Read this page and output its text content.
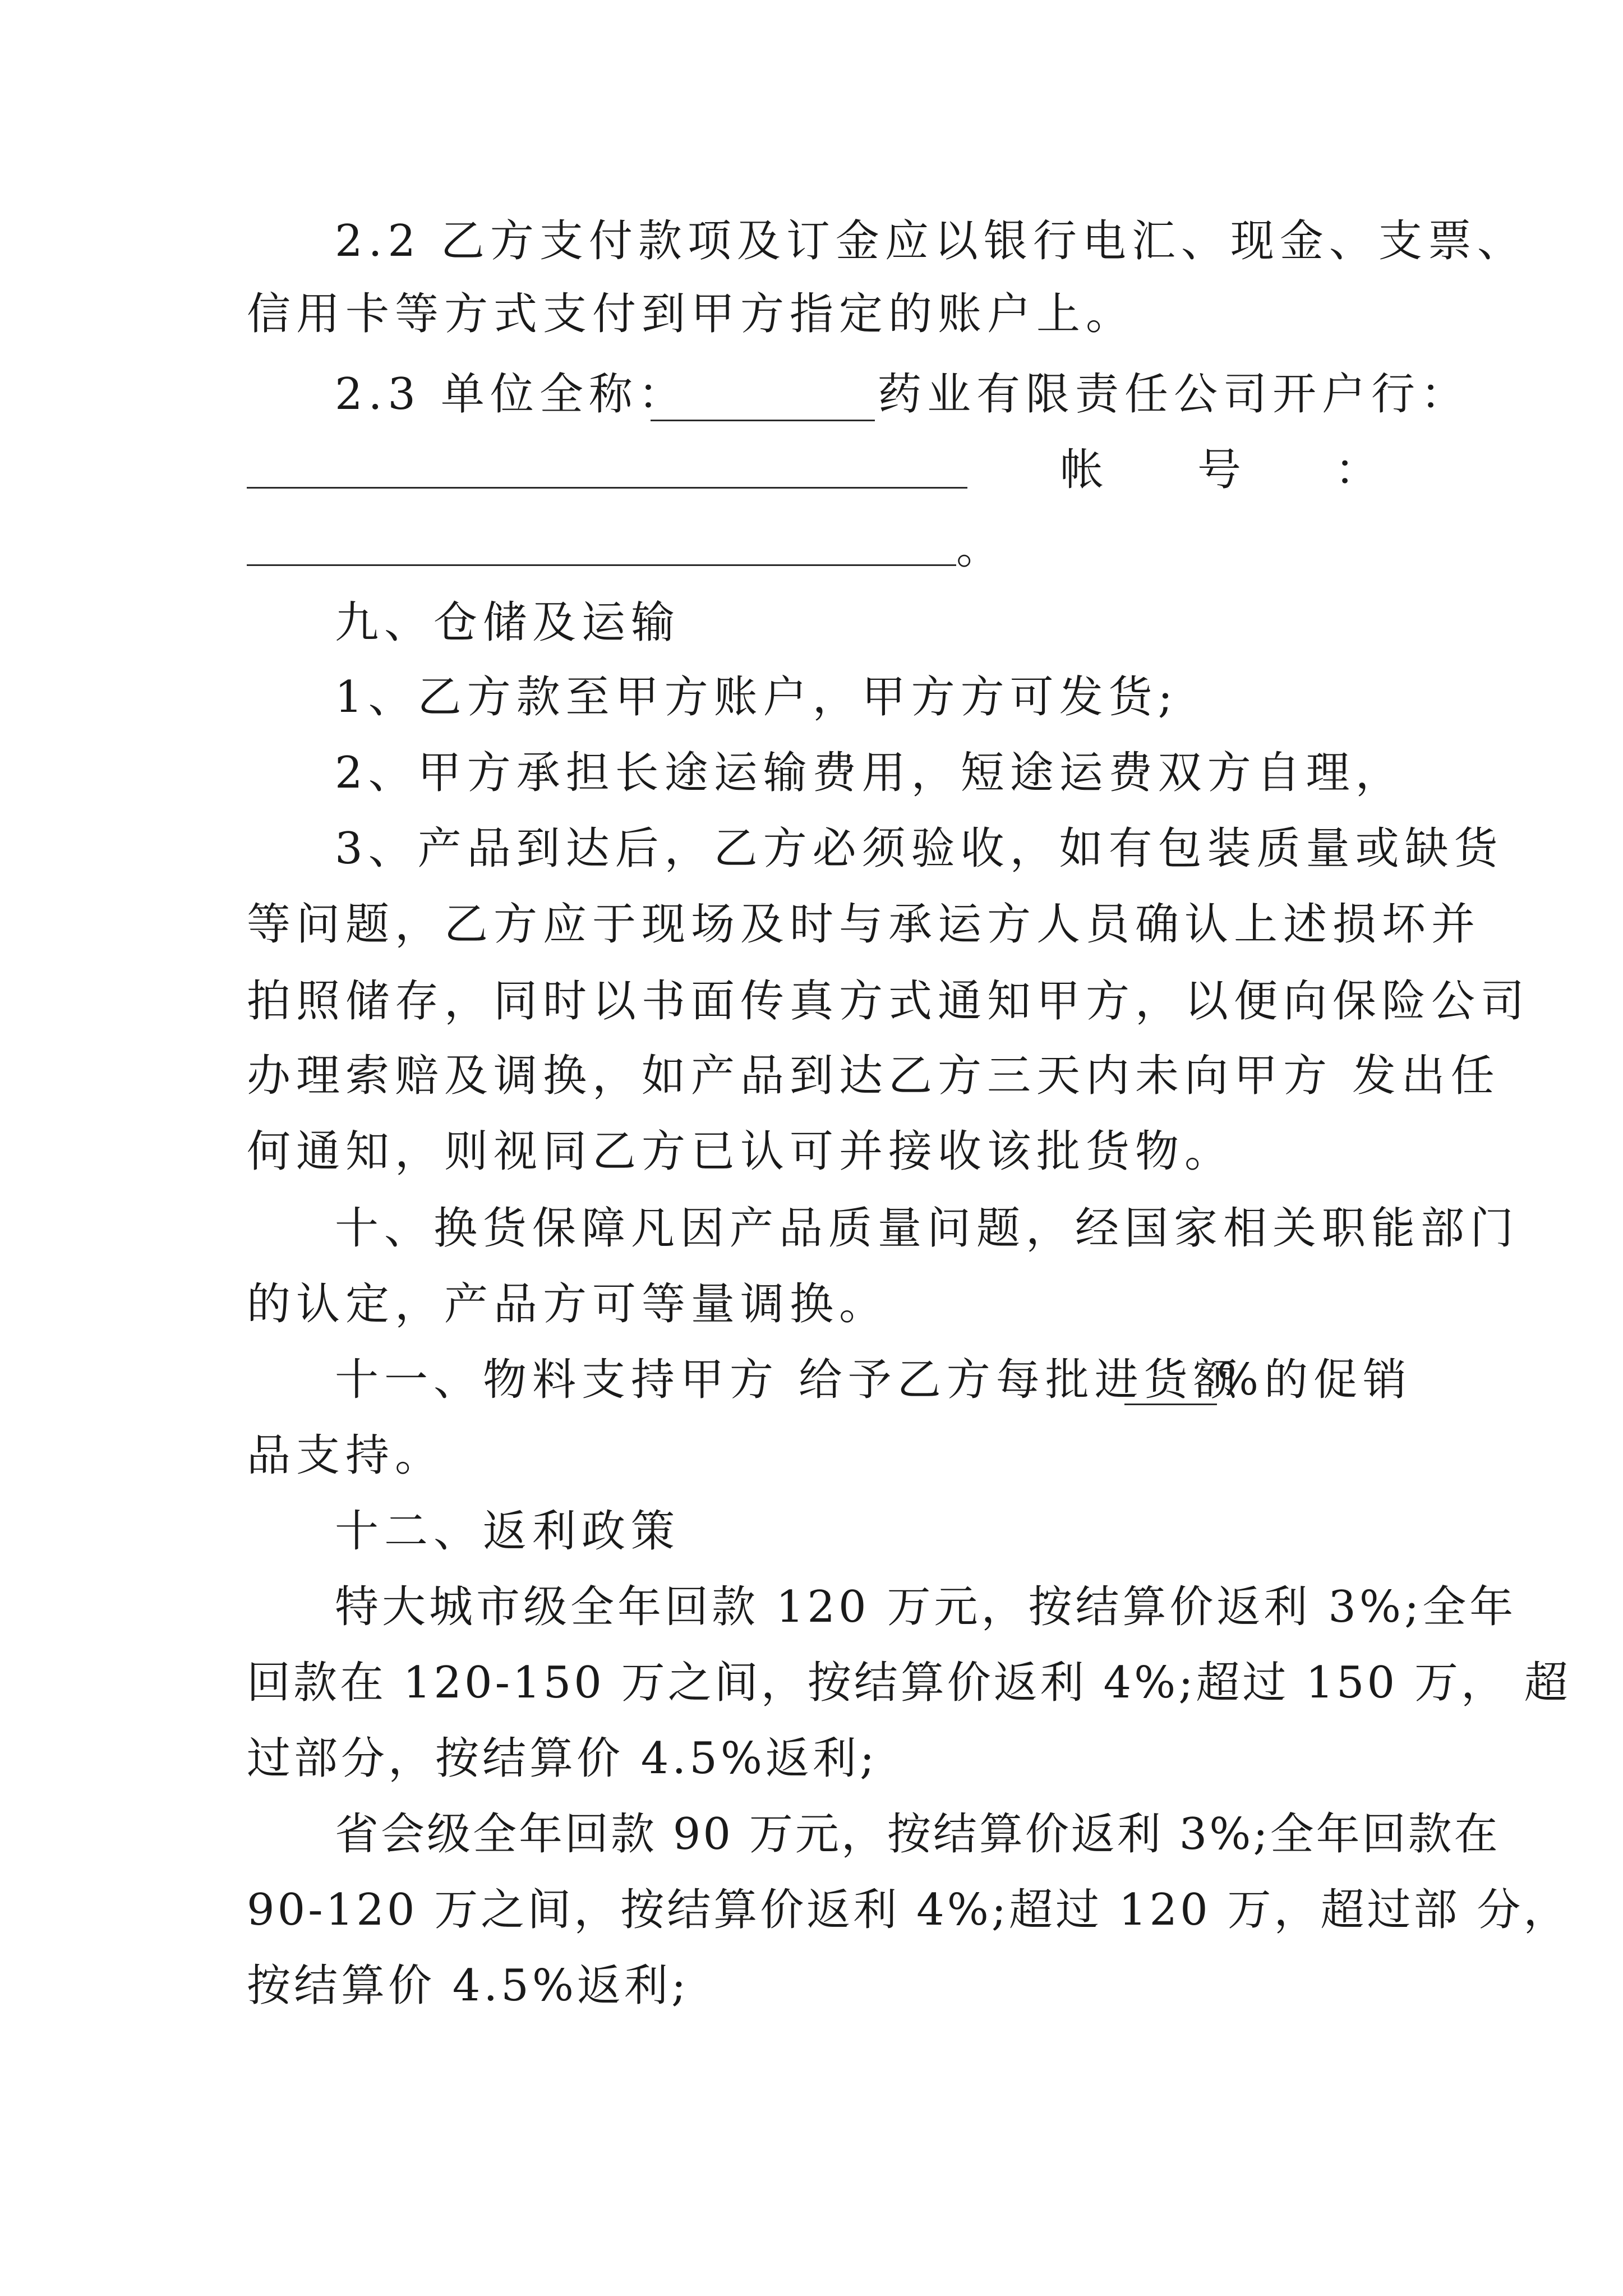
2.2 乙方支付款项及订金应以银行电汇、现金、支票、
信用卡等方式支付到甲方指定的账户上。
2.3 单位全称：	药业有限责任公司开户行：
帐 号 ：
。
九、仓储及运输
1、乙方款至甲方账户，甲方方可发货;
2、甲方承担长途运输费用，短途运费双方自理，
3、产品到达后，乙方必须验收，如有包装质量或缺货
等问题，乙方应于现场及时与承运方人员确认上述损坏并
拍照储存，同时以书面传真方式通知甲方，以便向保险公司
办理索赔及调换，如产品到达乙方三天内未向甲方 发出任
何通知，则视同乙方已认可并接收该批货物。
十、换货保障凡因产品质量问题，经国家相关职能部门
的认定，产品方可等量调换。
十一、物料支持甲方 给予乙方每批进货额
%的促销
品支持。
十二、返利政策
特大城市级全年回款 120 万元，按结算价返利 3%;全年
回款在 120-150 万之间，按结算价返利 4%;超过 150 万， 超
过部分，按结算价 4.5%返利;
省会级全年回款 90 万元，按结算价返利 3%;全年回款在
90-120 万之间，按结算价返利 4%;超过 120 万，超过部 分，
按结算价 4.5%返利;
